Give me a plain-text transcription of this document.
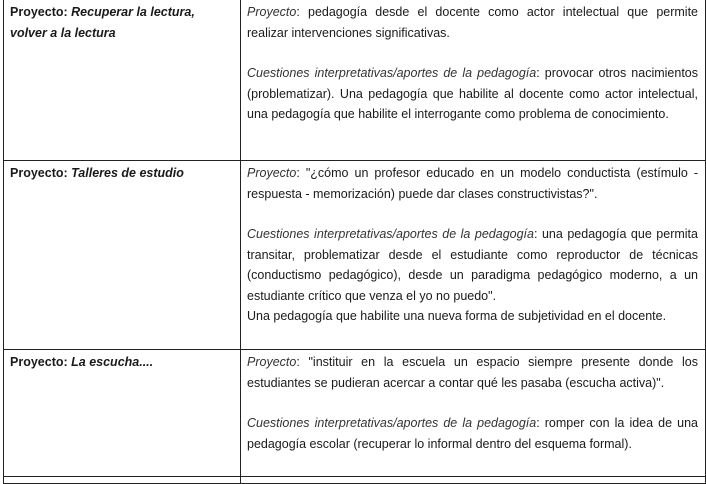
Proyecto: Recuperar la lectura, volver a la lectura	Proyecto: pedagogía desde el docente como actor intelectual que permite realizar intervenciones significativas.

Cuestiones interpretativas/aportes de la pedagogía: provocar otros nacimientos (problematizar). Una pedagogía que habilite al docente como actor intelectual, una pedagogía que habilite el interrogante como problema de conocimiento.

Proyecto: Talleres de estudio	Proyecto: "¿cómo un profesor educado en un modelo conductista (estímulo - respuesta - memorización) puede dar clases constructivistas?".

Cuestiones interpretativas/aportes de la pedagogía: una pedagogía que permita transitar, problematizar desde el estudiante como reproductor de técnicas (conductismo pedagógico), desde un paradigma pedagógico moderno, a un estudiante crítico que venza el yo no puedo".

Una pedagogía que habilite una nueva forma de subjetividad en el docente.

Proyecto: La escucha....	Proyecto: "instituir en la escuela un espacio siempre presente donde los estudiantes se pudieran acercar a contar qué les pasaba (escucha activa)".

Cuestiones interpretativas/aportes de la pedagogía: romper con la idea de una pedagogía escolar (recuperar lo informal dentro del esquema formal).
